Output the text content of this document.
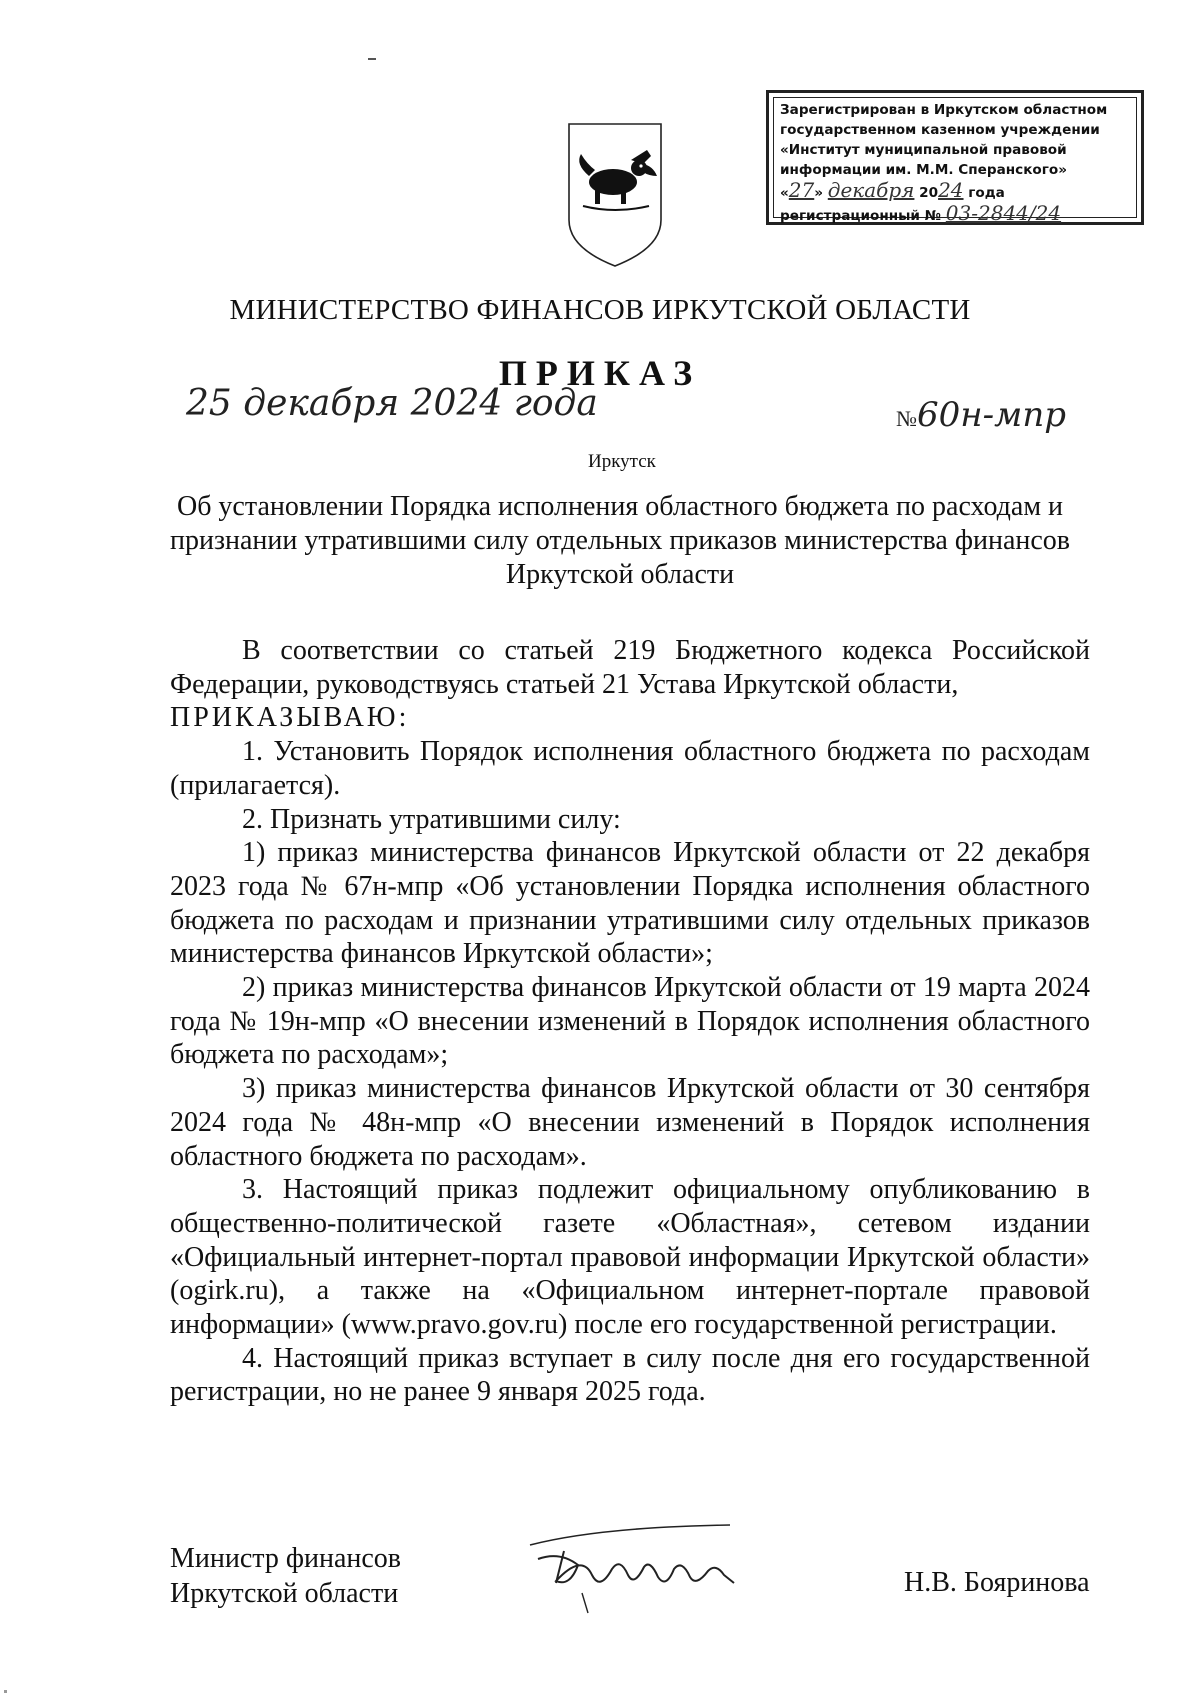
Зарегистрирован в Иркутском областном
государственном казенном учреждении
«Институт муниципальной правовой
информации им. М.М. Сперанского»
«27» декабря 2024 года
регистрационный № 03-2844/24
МИНИСТЕРСТВО ФИНАНСОВ ИРКУТСКОЙ ОБЛАСТИ
ПРИКАЗ
25 декабря 2024 года	№60н-мпр
Иркутск
Об установлении Порядка исполнения областного бюджета по расходам и признании утратившими силу отдельных приказов министерства финансов Иркутской области

В соответствии со статьей 219 Бюджетного кодекса Российской Федерации, руководствуясь статьей 21 Устава Иркутской области,

ПРИКАЗЫВАЮ:

1. Установить Порядок исполнения областного бюджета по расходам (прилагается).

2. Признать утратившими силу:

1) приказ министерства финансов Иркутской области от 22 декабря 2023 года № 67н-мпр «Об установлении Порядка исполнения областного бюджета по расходам и признании утратившими силу отдельных приказов министерства финансов Иркутской области»;

2) приказ министерства финансов Иркутской области от 19 марта 2024 года № 19н-мпр «О внесении изменений в Порядок исполнения областного бюджета по расходам»;

3) приказ министерства финансов Иркутской области от 30 сентября 2024 года № 48н-мпр «О внесении изменений в Порядок исполнения областного бюджета по расходам».

3. Настоящий приказ подлежит официальному опубликованию в общественно-политической газете «Областная», сетевом издании «Официальный интернет-портал правовой информации Иркутской области» (ogirk.ru), а также на «Официальном интернет-портале правовой информации» (www.pravo.gov.ru) после его государственной регистрации.

4. Настоящий приказ вступает в силу после дня его государственной регистрации, но не ранее 9 января 2025 года.

Министр финансов
Иркутской области	Н.В. Бояринова
